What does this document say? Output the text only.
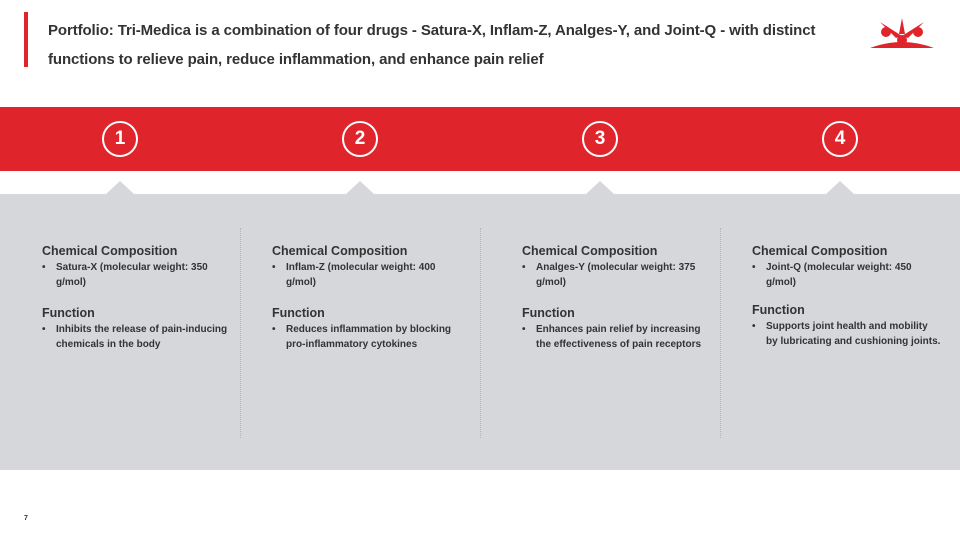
Portfolio: Tri-Medica is a combination of four drugs - Satura-X, Inflam-Z, Analges-Y, and Joint-Q - with distinct functions to relieve pain, reduce inflammation, and enhance pain relief
1	2	3	4
Chemical Composition
• Satura-X (molecular weight: 350 g/mol)
Function
• Inhibits the release of pain-inducing chemicals in the body
Chemical Composition
• Inflam-Z (molecular weight: 400 g/mol)
Function
• Reduces inflammation by blocking pro-inflammatory cytokines
Chemical Composition
• Analges-Y (molecular weight: 375 g/mol)
Function
• Enhances pain relief by increasing the effectiveness of pain receptors
Chemical Composition
• Joint-Q (molecular weight: 450 g/mol)
Function
• Supports joint health and mobility by lubricating and cushioning joints.
7
